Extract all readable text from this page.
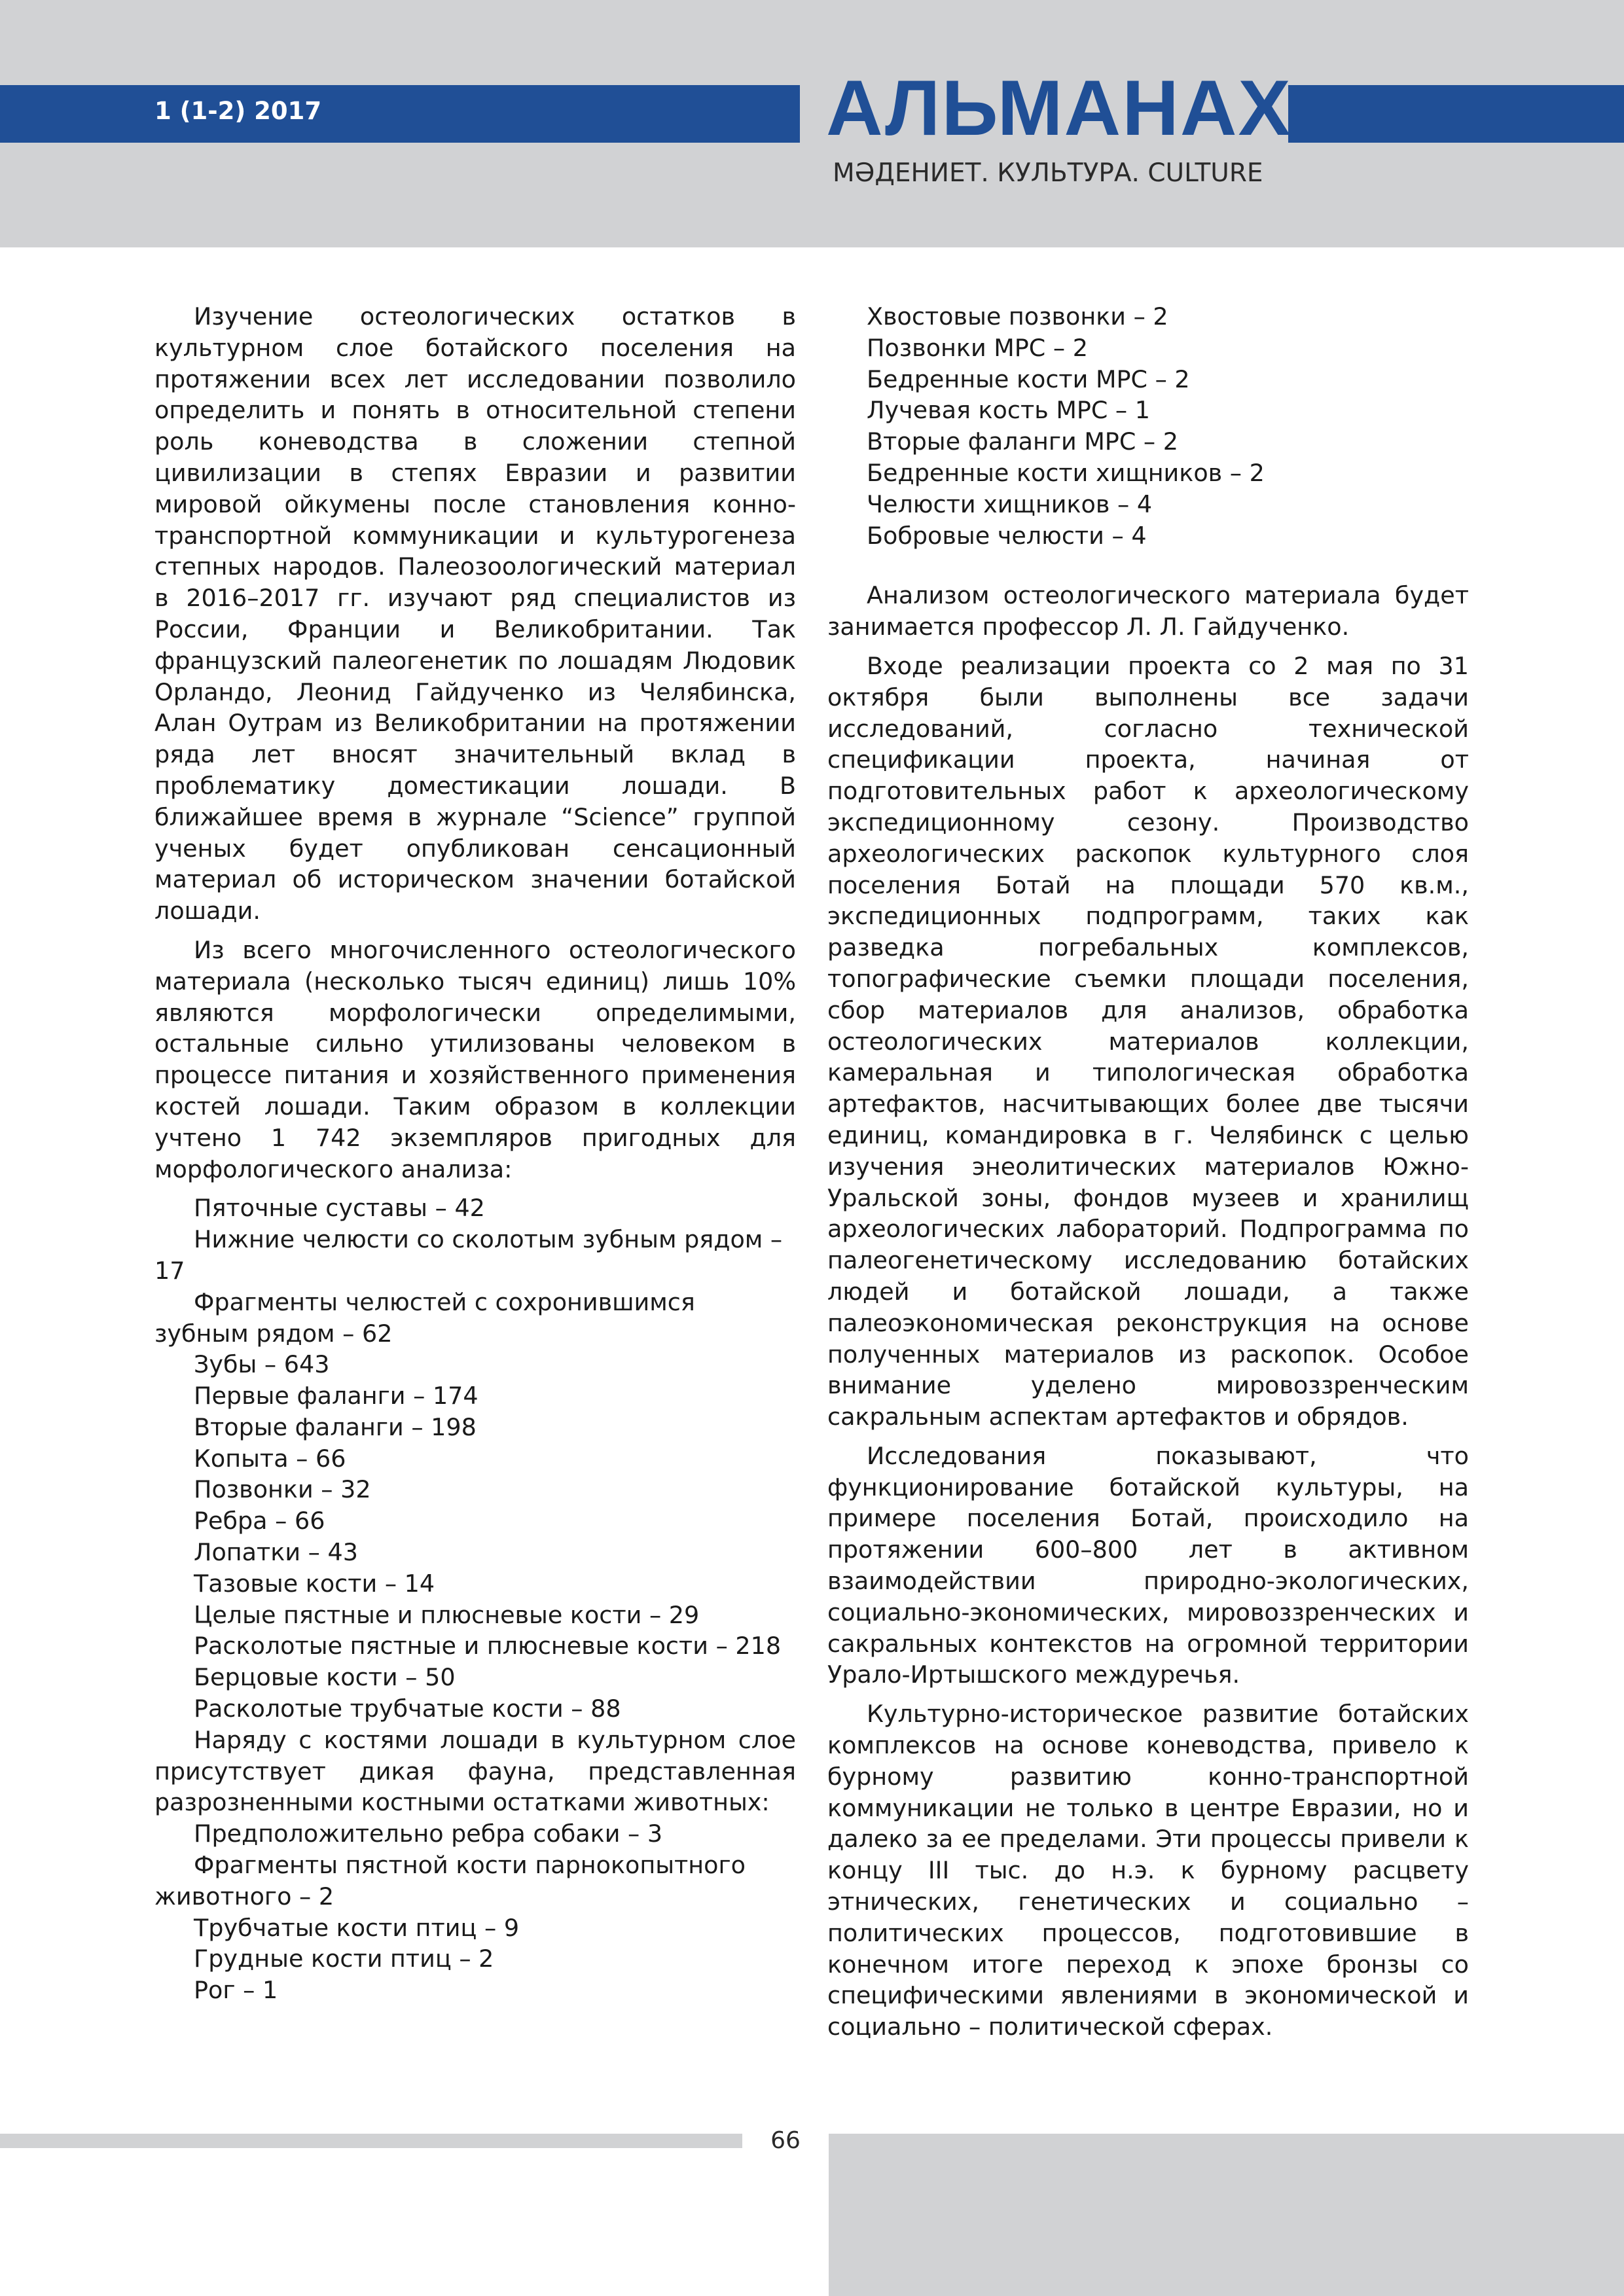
1 (1-2) 2017	АЛЬМАНАХ
МӘДЕНИЕТ. КУЛЬТУРА. CULTURE

Изучение остеологических остатков в культурном слое ботайского поселения на протяжении всех лет исследовании позволило определить и понять в относительной степени роль коневодства в сложении степной цивилизации в степях Евразии и развитии мировой ойкумены после становления конно-транспортной коммуникации и культурогенеза степных народов. Палеозоологический материал в 2016–2017 гг. изучают ряд специалистов из России, Франции и Великобритании. Так французский палеогенетик по лошадям Людовик Орландо, Леонид Гайдученко из Челябинска, Алан Оутрам из Великобритании на протяжении ряда лет вносят значительный вклад в проблематику доместикации лошади. В ближайшее время в журнале “Science” группой ученых будет опубликован сенсационный материал об историческом значении ботайской лошади.

Из всего многочисленного остеологического материала (несколько тысяч единиц) лишь 10% являются морфологически определимыми, остальные сильно утилизованы человеком в процессе питания и хозяйственного применения костей лошади. Таким образом в коллекции учтено 1 742 экземпляров пригодных для морфологического анализа:

Пяточные суставы – 42

Нижние челюсти со сколотым зубным рядом – 17

Фрагменты челюстей с сохронившимся зубным рядом – 62

Зубы – 643

Первые фаланги – 174

Вторые фаланги – 198

Копыта – 66

Позвонки – 32

Ребра – 66

Лопатки – 43

Тазовые кости – 14

Целые пястные и плюсневые кости – 29

Расколотые пястные и плюсневые кости – 218

Берцовые кости – 50

Расколотые трубчатые кости – 88

Наряду с костями лошади в культурном слое присутствует дикая фауна, представленная разрозненными костными остатками животных:

Предположительно ребра собаки – 3

Фрагменты пястной кости парнокопытного животного – 2

Трубчатые кости птиц – 9

Грудные кости птиц – 2

Рог – 1

Хвостовые позвонки – 2

Позвонки МРС – 2

Бедренные кости МРС – 2

Лучевая кость МРС – 1

Вторые фаланги МРС – 2

Бедренные кости хищников – 2

Челюсти хищников – 4

Бобровые челюсти – 4

Анализом остеологического материала будет занимается профессор Л. Л. Гайдученко.

Входе реализации проекта со 2 мая по 31 октября были выполнены все задачи исследований, согласно технической спецификации проекта, начиная от подготовительных работ к археологическому экспедиционному сезону. Производство археологических раскопок культурного слоя поселения Ботай на площади 570 кв.м., экспедиционных подпрограмм, таких как разведка погребальных комплексов, топографические съемки площади поселения, сбор материалов для анализов, обработка остеологических материалов коллекции, камеральная и типологическая обработка артефактов, насчитывающих более две тысячи единиц, командировка в г. Челябинск с целью изучения энеолитических материалов Южно-Уральской зоны, фондов музеев и хранилищ археологических лабораторий. Подпрограмма по палеогенетическому исследованию ботайских людей и ботайской лошади, а также палеоэкономическая реконструкция на основе полученных материалов из раскопок. Особое внимание уделено мировоззренческим сакральным аспектам артефактов и обрядов.

Исследования показывают, что функционирование ботайской культуры, на примере поселения Ботай, происходило на протяжении 600–800 лет в активном взаимодействии природно-экологических, социально-экономических, мировоззренческих и сакральных контекстов на огромной территории Урало-Иртышского междуречья.

Культурно-историческое развитие ботайских комплексов на основе коневодства, привело к бурному развитию конно-транспортной коммуникации не только в центре Евразии, но и далеко за ее пределами. Эти процессы привели к концу III тыс. до н.э. к бурному расцвету этнических, генетических и социально – политических процессов, подготовившие в конечном итоге переход к эпохе бронзы со специфическими явлениями в экономической и социально – политической сферах.

66
